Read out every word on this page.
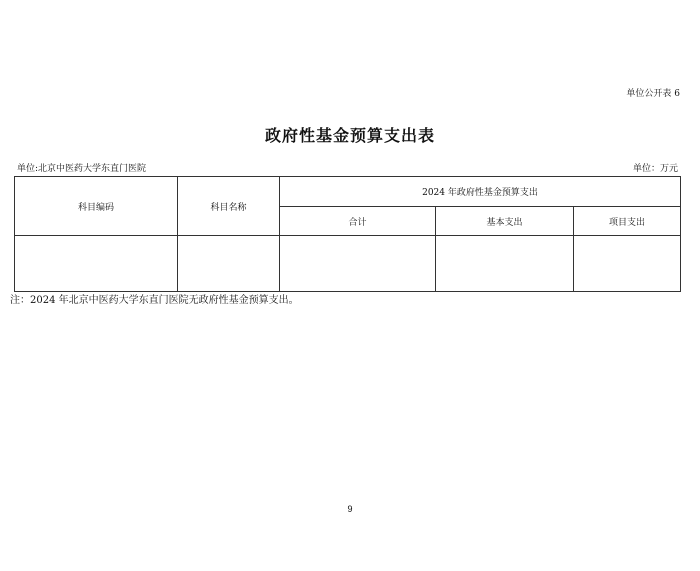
单位公开表 6
政府性基金预算支出表
单位:北京中医药大学东直门医院	单位：万元
科目编码	科目名称	2024 年政府性基金预算支出		
		合计	基本支出	项目支出

注：2024 年北京中医药大学东直门医院无政府性基金预算支出。
9
